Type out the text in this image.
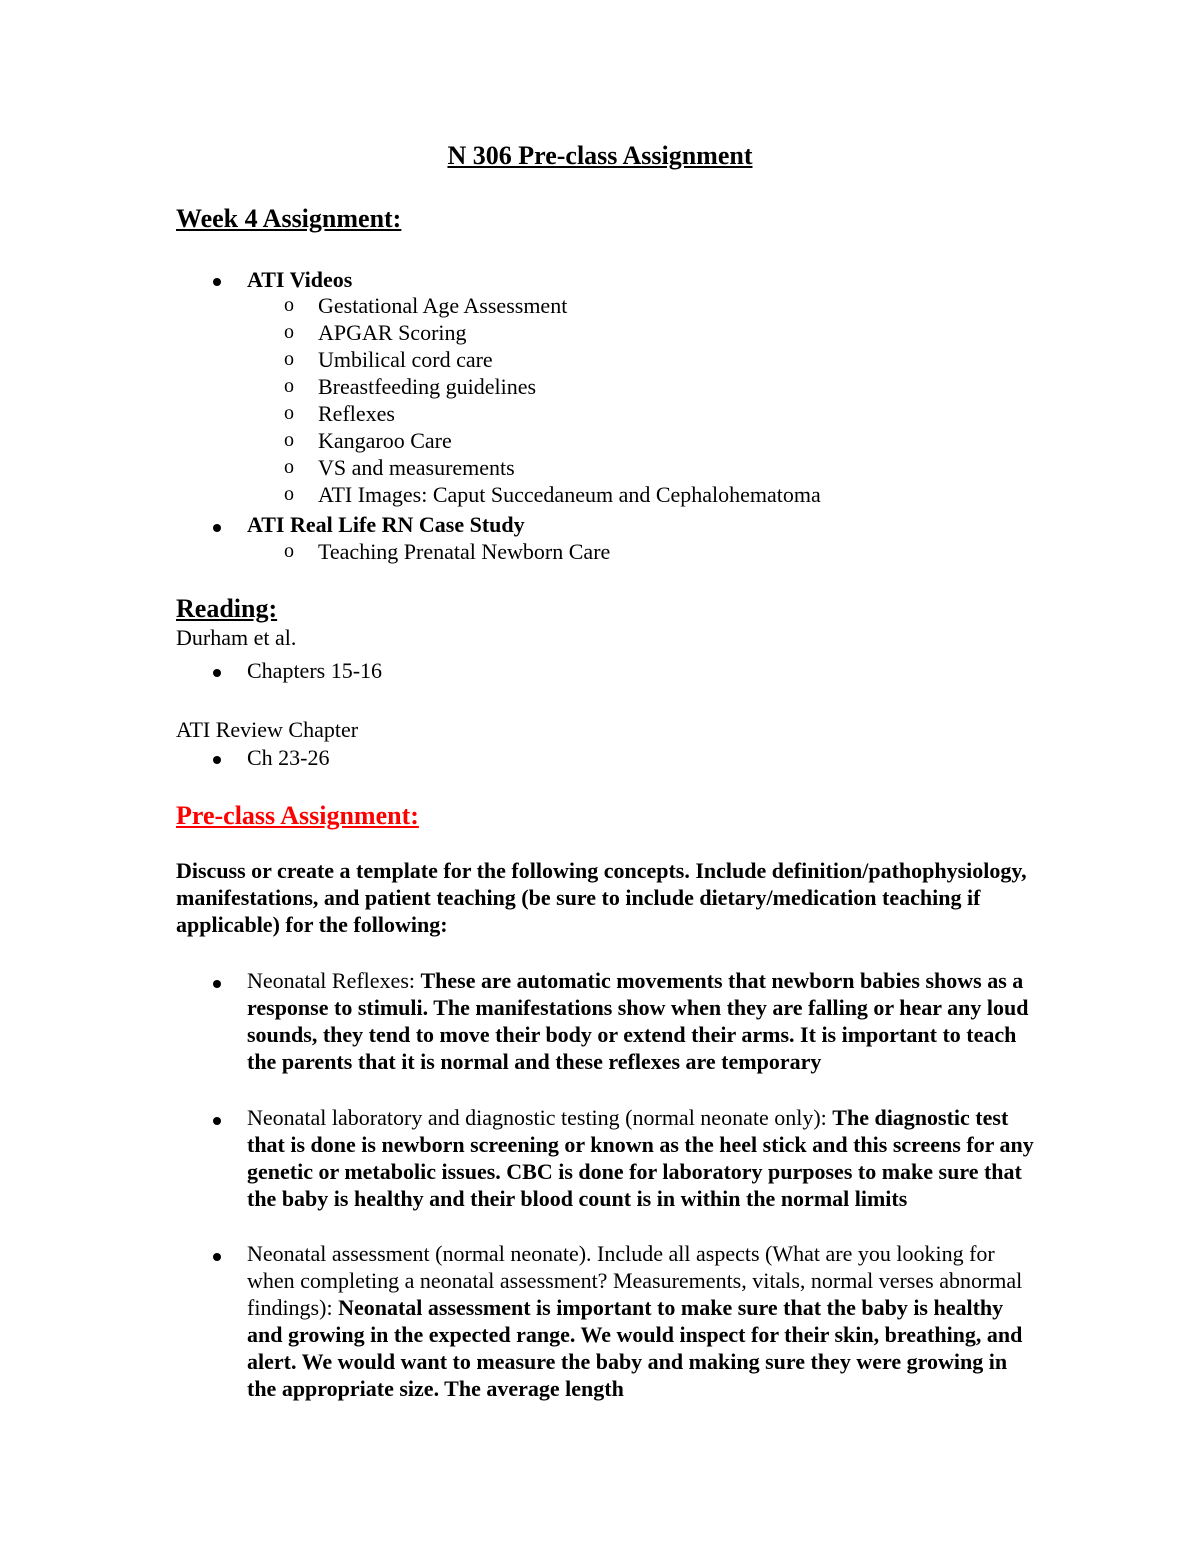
N 306 Pre-class Assignment
Week 4 Assignment:
ATI Videos
o Gestational Age Assessment
o APGAR Scoring
o Umbilical cord care
o Breastfeeding guidelines
o Reflexes
o Kangaroo Care
o VS and measurements
o ATI Images: Caput Succedaneum and Cephalohematoma
ATI Real Life RN Case Study
o Teaching Prenatal Newborn Care
Reading:
Durham et al.
Chapters 15-16
ATI Review Chapter
Ch 23-26
Pre-class Assignment:
Discuss or create a template for the following concepts. Include definition/pathophysiology, manifestations, and patient teaching (be sure to include dietary/medication teaching if applicable) for the following:
Neonatal Reflexes: These are automatic movements that newborn babies shows as a response to stimuli. The manifestations show when they are falling or hear any loud sounds, they tend to move their body or extend their arms. It is important to teach the parents that it is normal and these reflexes are temporary
Neonatal laboratory and diagnostic testing (normal neonate only): The diagnostic test that is done is newborn screening or known as the heel stick and this screens for any genetic or metabolic issues. CBC is done for laboratory purposes to make sure that the baby is healthy and their blood count is in within the normal limits
Neonatal assessment (normal neonate). Include all aspects (What are you looking for when completing a neonatal assessment? Measurements, vitals, normal verses abnormal findings): Neonatal assessment is important to make sure that the baby is healthy and growing in the expected range. We would inspect for their skin, breathing, and alert. We would want to measure the baby and making sure they were growing in the appropriate size. The average length
